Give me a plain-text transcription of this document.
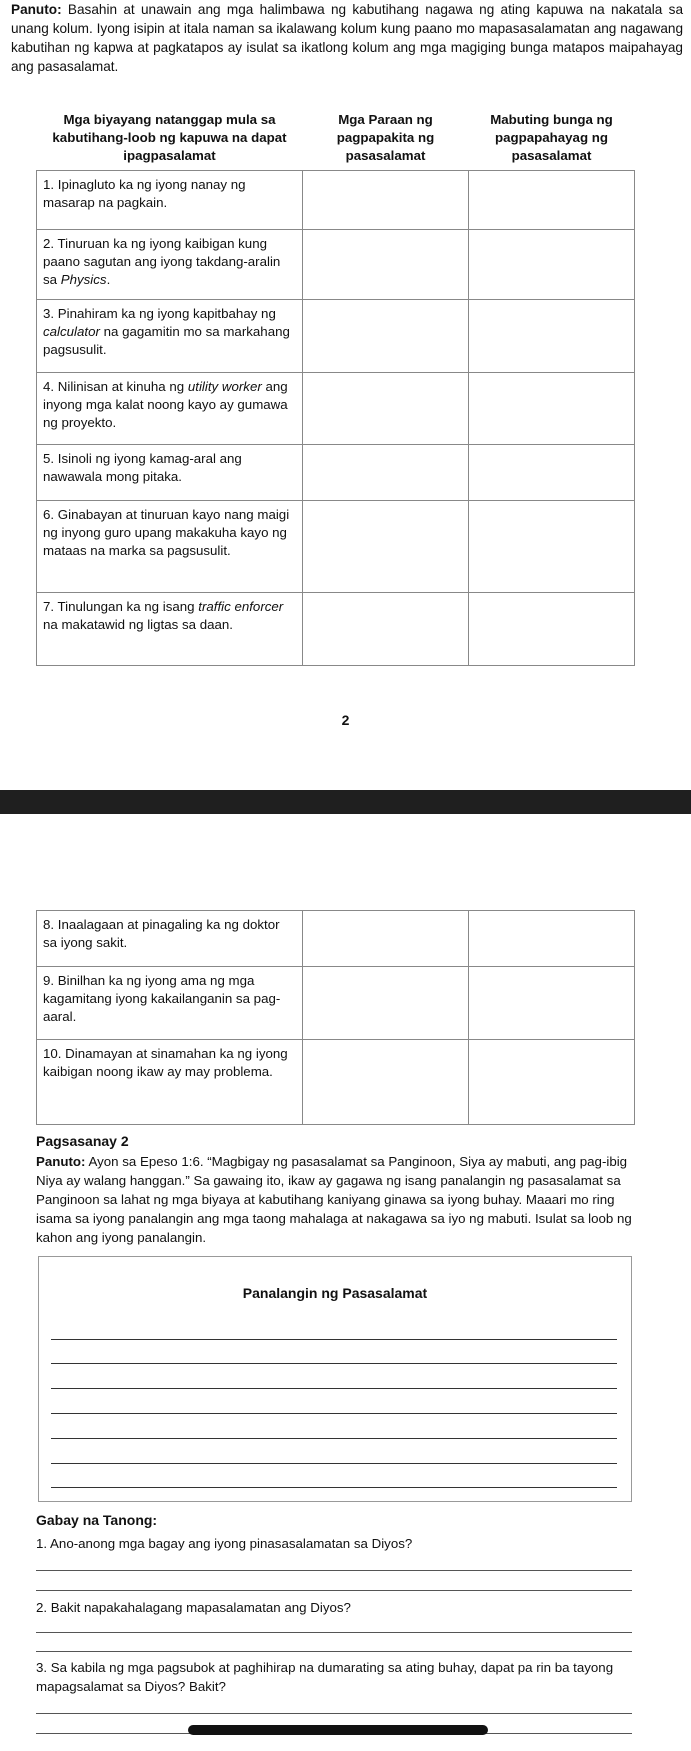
Panuto: Basahin at unawain ang mga halimbawa ng kabutihang nagawa ng ating kapuwa na nakatala sa unang kolum. Iyong isipin at itala naman sa ikalawang kolum kung paano mo mapasasalamatan ang nagawang kabutihan ng kapwa at pagkatapos ay isulat sa ikatlong kolum ang mga magiging bunga matapos maipahayag ang pasasalamat.
Mga biyayang natanggap mula sa kabutihang-loob ng kapuwa na dapat ipagpasalamat	Mga Paraan ng pagpapakita ng pasasalamat	Mabuting bunga ng pagpapahayag ng pasasalamat
1. Ipinagluto ka ng iyong nanay ng masarap na pagkain.		
2. Tinuruan ka ng iyong kaibigan kung paano sagutan ang iyong takdang-aralin sa Physics.		
3. Pinahiram ka ng iyong kapitbahay ng calculator na gagamitin mo sa markahang pagsusulit.		
4. Nilinisan at kinuha ng utility worker ang inyong mga kalat noong kayo ay gumawa ng proyekto.		
5. Isinoli ng iyong kamag-aral ang nawawala mong pitaka.		
6. Ginabayan at tinuruan kayo nang maigi ng inyong guro upang makakuha kayo ng mataas na marka sa pagsusulit.		
7. Tinulungan ka ng isang traffic enforcer na makatawid ng ligtas sa daan.		
2
8. Inaalagaan at pinagaling ka ng doktor sa iyong sakit.		
9. Binilhan ka ng iyong ama ng mga kagamitang iyong kakailanganin sa pag-aaral.		
10. Dinamayan at sinamahan ka ng iyong kaibigan noong ikaw ay may problema.		
Pagsasanay 2
Panuto: Ayon sa Epeso 1:6. “Magbigay ng pasasalamat sa Panginoon, Siya ay mabuti, ang pag-ibig Niya ay walang hanggan.” Sa gawaing ito, ikaw ay gagawa ng isang panalangin ng pasasalamat sa Panginoon sa lahat ng mga biyaya at kabutihang kaniyang ginawa sa iyong buhay. Maaari mo ring isama sa iyong panalangin ang mga taong mahalaga at nakagawa sa iyo ng mabuti. Isulat sa loob ng kahon ang iyong panalangin.
Panalangin ng Pasasalamat
Gabay na Tanong:
1. Ano-anong mga bagay ang iyong pinasasalamatan sa Diyos?
2. Bakit napakahalagang mapasalamatan ang Diyos?
3. Sa kabila ng mga pagsubok at paghihirap na dumarating sa ating buhay, dapat pa rin ba tayong mapagsalamat sa Diyos? Bakit?
